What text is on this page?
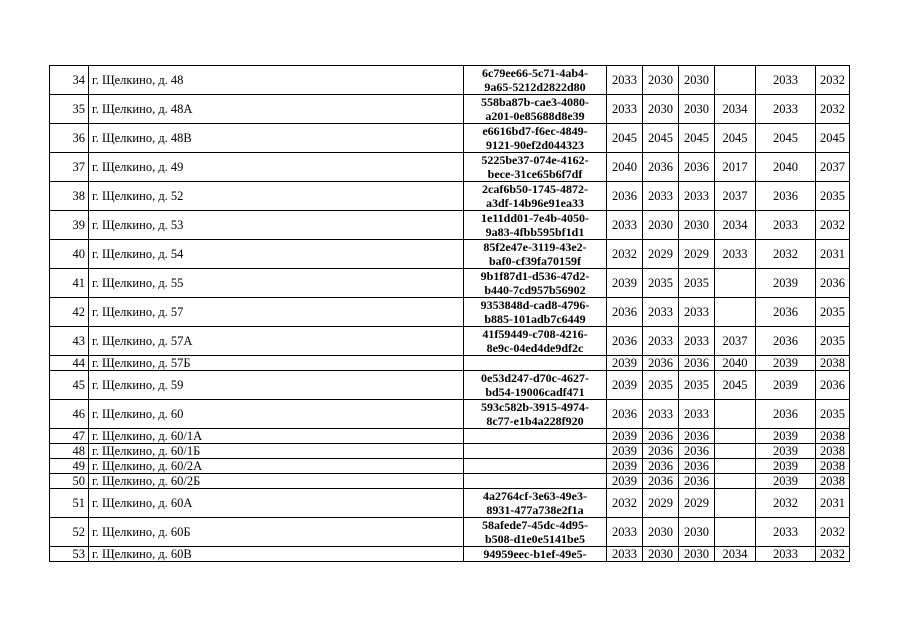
34	г. Щелкино, д. 48	6c79ee66-5c71-4ab4-
9a65-5212d2822d80	2033	2030	2030		2033	2032
35	г. Щелкино, д. 48А	558ba87b-cae3-4080-
a201-0e85688d8e39	2033	2030	2030	2034	2033	2032
36	г. Щелкино, д. 48В	e6616bd7-f6ec-4849-
9121-90ef2d044323	2045	2045	2045	2045	2045	2045
37	г. Щелкино, д. 49	5225be37-074e-4162-
bece-31ce65b6f7df	2040	2036	2036	2017	2040	2037
38	г. Щелкино, д. 52	2caf6b50-1745-4872-
a3df-14b96e91ea33	2036	2033	2033	2037	2036	2035
39	г. Щелкино, д. 53	1e11dd01-7e4b-4050-
9a83-4fbb595bf1d1	2033	2030	2030	2034	2033	2032
40	г. Щелкино, д. 54	85f2e47e-3119-43e2-
baf0-cf39fa70159f	2032	2029	2029	2033	2032	2031
41	г. Щелкино, д. 55	9b1f87d1-d536-47d2-
b440-7cd957b56902	2039	2035	2035		2039	2036
42	г. Щелкино, д. 57	9353848d-cad8-4796-
b885-101adb7c6449	2036	2033	2033		2036	2035
43	г. Щелкино, д. 57А	41f59449-c708-4216-
8e9c-04ed4de9df2c	2036	2033	2033	2037	2036	2035
44	г. Щелкино, д. 57Б		2039	2036	2036	2040	2039	2038
45	г. Щелкино, д. 59	0e53d247-d70c-4627-
bd54-19006cadf471	2039	2035	2035	2045	2039	2036
46	г. Щелкино, д. 60	593c582b-3915-4974-
8c77-e1b4a228f920	2036	2033	2033		2036	2035
47	г. Щелкино, д. 60/1А		2039	2036	2036		2039	2038
48	г. Щелкино, д. 60/1Б		2039	2036	2036		2039	2038
49	г. Щелкино, д. 60/2А		2039	2036	2036		2039	2038
50	г. Щелкино, д. 60/2Б		2039	2036	2036		2039	2038
51	г. Щелкино, д. 60А	4a2764cf-3e63-49e3-
8931-477a738e2f1a	2032	2029	2029		2032	2031
52	г. Щелкино, д. 60Б	58afede7-45dc-4d95-
b508-d1e0e5141be5	2033	2030	2030		2033	2032
53	г. Щелкино, д. 60В	94959eec-b1ef-49e5-	2033	2030	2030	2034	2033	2032
